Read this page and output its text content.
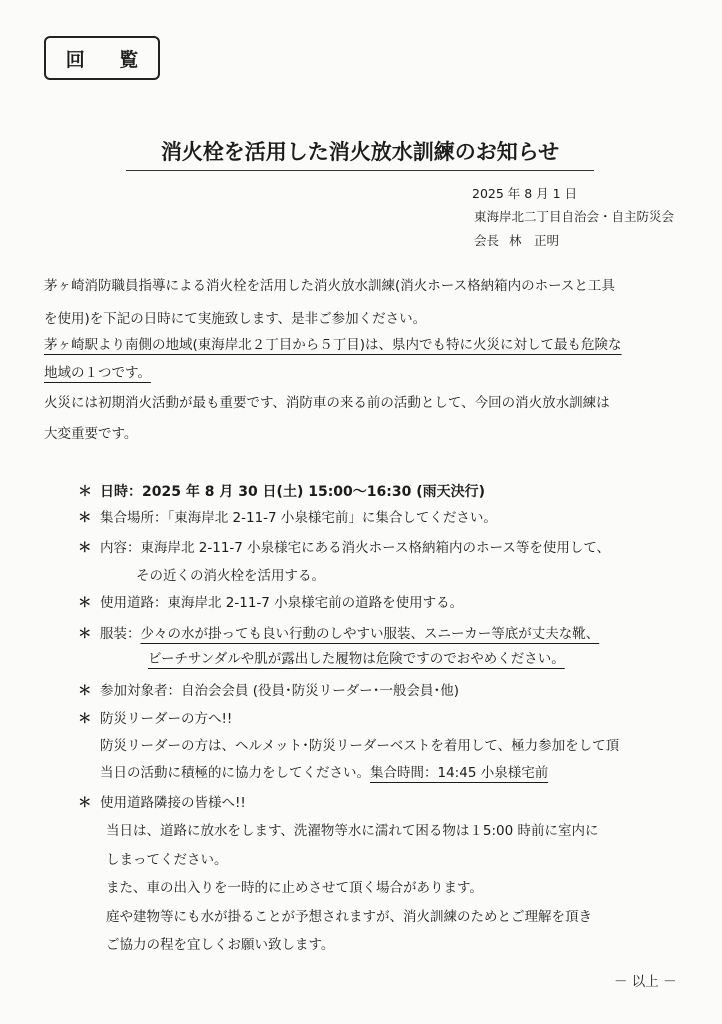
回 覧
消火栓を活用した消火放水訓練のお知らせ
2025 年 8 月 1 日
東海岸北二丁目自治会・自主防災会
会長 林　正明
茅ヶ崎消防職員指導による消火栓を活用した消火放水訓練(消火ホース格納箱内のホースと工具
を使用)を下記の日時にて実施致します、是非ご参加ください。
茅ヶ崎駅より南側の地域(東海岸北２丁目から５丁目)は、県内でも特に火災に対して最も危険な
地域の１つです。
火災には初期消火活動が最も重要です、消防車の来る前の活動として、今回の消火放水訓練は
大変重要です。
＊ 日時：2025 年 8 月 30 日(土) 15:00～16:30 (雨天決行)
＊ 集合場所：「東海岸北 2-11-7 小泉様宅前」に集合してください。
＊ 内容：東海岸北 2-11-7 小泉様宅にある消火ホース格納箱内のホース等を使用して、
その近くの消火栓を活用する。
＊ 使用道路：東海岸北 2-11-7 小泉様宅前の道路を使用する。
＊ 服装：少々の水が掛っても良い行動のしやすい服装、スニーカー等底が丈夫な靴、
ビーチサンダルや肌が露出した履物は危険ですのでおやめください。
＊ 参加対象者：自治会会員 (役員･防災リーダー･一般会員･他)
＊ 防災リーダーの方へ!!
防災リーダーの方は、ヘルメット･防災リーダーベストを着用して、極力参加をして頂
当日の活動に積極的に協力をしてください。集合時間：14:45 小泉様宅前
＊ 使用道路隣接の皆様へ!!
当日は、道路に放水をします、洗濯物等水に濡れて困る物は１5:00 時前に室内に
しまってください。
また、車の出入りを一時的に止めさせて頂く場合があります。
庭や建物等にも水が掛ることが予想されますが、消火訓練のためとご理解を頂き
ご協力の程を宜しくお願い致します。
－ 以上 －
